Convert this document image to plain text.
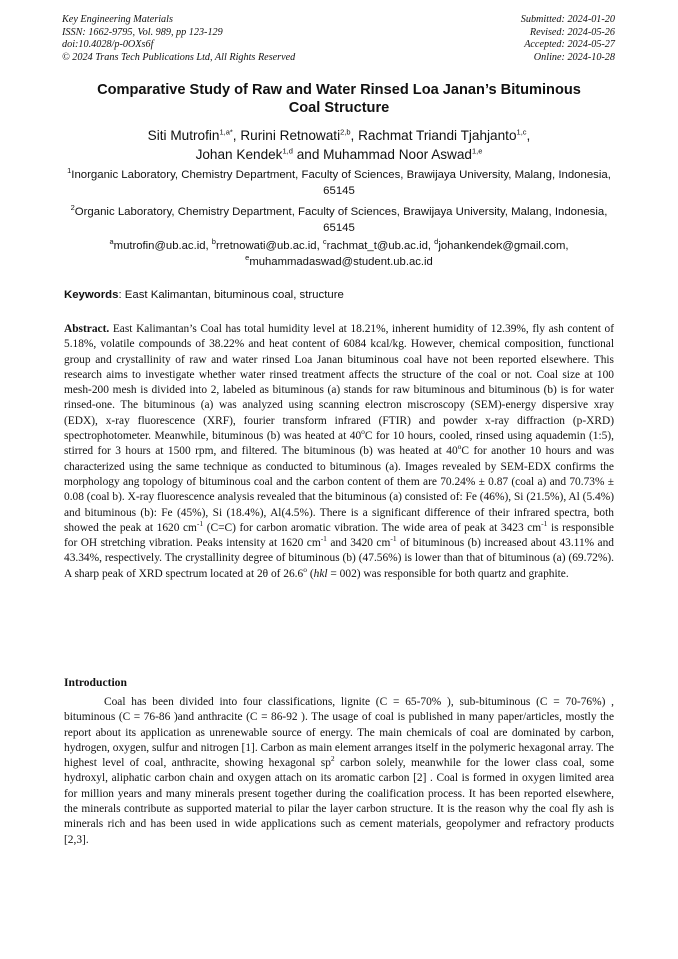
Key Engineering Materials
ISSN: 1662-9795, Vol. 989, pp 123-129
doi:10.4028/p-0OXs6f
© 2024 Trans Tech Publications Ltd, All Rights Reserved
Submitted: 2024-01-20
Revised: 2024-05-26
Accepted: 2024-05-27
Online: 2024-10-28
Comparative Study of Raw and Water Rinsed Loa Janan’s Bituminous
Coal Structure
Siti Mutrofin$^{1,a*}$, Rurini Retnowati$^{2,b}$, Rachmat Triandi Tjahjanto$^{1,c}$,
Johan Kendek$^{1,d}$ and Muhammad Noor Aswad$^{1,e}$
$^1$Inorganic Laboratory, Chemistry Department, Faculty of Sciences, Brawijaya University, Malang, Indonesia, 65145
$^2$Organic Laboratory, Chemistry Department, Faculty of Sciences, Brawijaya University, Malang, Indonesia, 65145
$^a$mutrofin@ub.ac.id, $^b$rretnowati@ub.ac.id, $^c$rachmat_t@ub.ac.id, $^d$johankendek@gmail.com,
$^e$muhammadaswad@student.ub.ac.id
Keywords: East Kalimantan, bituminous coal, structure
Abstract. East Kalimantan’s Coal has total humidity level at 18.21%, inherent humidity of 12.39%, fly ash content of 5.18%, volatile compounds of 38.22% and heat content of 6084 kcal/kg. However, chemical composition, functional group and crystallinity of raw and water rinsed Loa Janan bituminous coal have not been reported elsewhere. This research aims to investigate whether water rinsed treatment affects the structure of the coal or not. Coal size at 100 mesh-200 mesh is divided into 2, labeled as bituminous (a) stands for raw bituminous and bituminous (b) is for water rinsed-one. The bituminous (a) was analyzed using scanning electron miscroscopy (SEM)-energy dispersive xray (EDX), x-ray fluorescence (XRF), fourier transform infrared (FTIR) and powder x-ray diffraction (p-XRD) spectrophotometer. Meanwhile, bituminous (b) was heated at 40$^o$C for 10 hours, cooled, rinsed using aquademin (1:5), stirred for 3 hours at 1500 rpm, and filtered. The bituminous (b) was heated at 40$^o$C for another 10 hours and was characterized using the same technique as conducted to bituminous (a). Images revealed by SEM-EDX confirms the morphology ang topology of bituminous coal and the carbon content of them are 70.24% ± 0.87 (coal a) and 70.73% ± 0.08 (coal b). X-ray fluorescence analysis revealed that the bituminous (a) consisted of: Fe (46%), Si (21.5%), Al (5.4%) and bituminous (b): Fe (45%), Si (18.4%), Al(4.5%). There is a significant difference of their infrared spectra, both showed the peak at 1620 $cm^{-1}$ (C=C) for carbon aromatic vibration. The wide area of peak at 3423 $cm^{-1}$ is responsible for OH stretching vibration. Peaks intensity at 1620 $cm^{-1}$ and 3420 $cm^{-1}$ of bituminous (b) increased about 43.11% and 43.34%, respectively. The crystallinity degree of bituminous (b) (47.56%) is lower than that of bituminous (a) (69.72%). A sharp peak of XRD spectrum located at 2θ of 26.6$^o$ (hkl = 002) was responsible for both quartz and graphite.
Introduction
Coal has been divided into four classifications, lignite (C = 65-70% ), sub-bituminous (C = 70-76%) , bituminous (C = 76-86 )and anthracite (C = 86-92 ). The usage of coal is published in many paper/articles, mostly the report about its application as unrenewable source of energy. The main chemicals of coal are dominated by carbon, hydrogen, oxygen, sulfur and nitrogen [1]. Carbon as main element arranges itself in the polymeric hexagonal array. The highest level of coal, anthracite, showing hexagonal $sp^2$ carbon solely, meanwhile for the lower class coal, some hydroxyl, aliphatic carbon chain and oxygen attach on its aromatic carbon [2] . Coal is formed in oxygen limited area for million years and many minerals present together during the coalification process. It has been reported elsewhere, the minerals contribute as supported material to pilar the layer carbon structure. It is the reason why the coal fly ash is minerals rich and has been used in wide applications such as cement materials, geopolymer and refractory products [2,3].
